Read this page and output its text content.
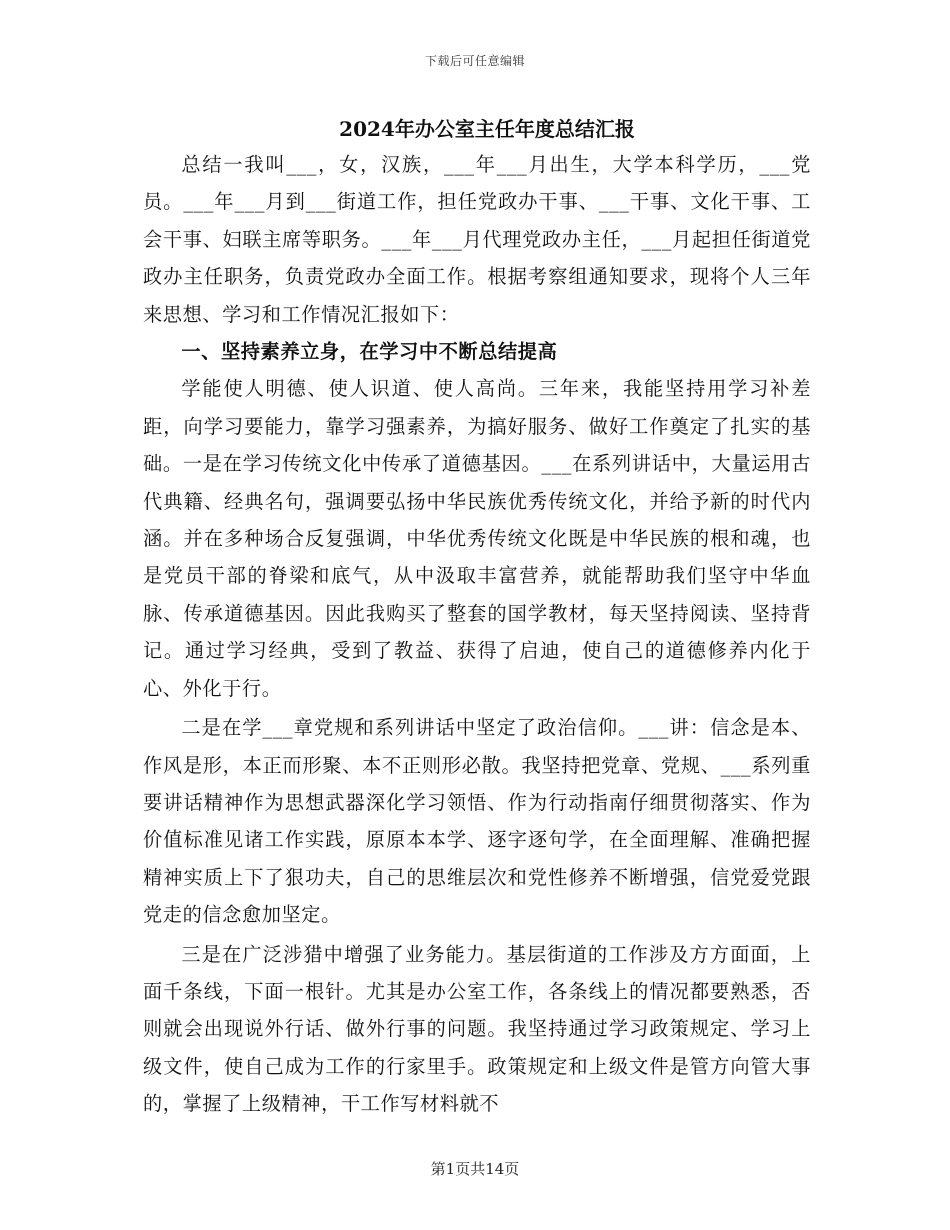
下载后可任意编辑
2024年办公室主任年度总结汇报

总结一我叫___，女，汉族，___年___月出生，大学本科学历，___党员。___年___月到___街道工作，担任党政办干事、___干事、文化干事、工会干事、妇联主席等职务。___年___月代理党政办主任，___月起担任街道党政办主任职务，负责党政办全面工作。根据考察组通知要求，现将个人三年来思想、学习和工作情况汇报如下：

一、坚持素养立身，在学习中不断总结提高

学能使人明德、使人识道、使人高尚。三年来，我能坚持用学习补差距，向学习要能力，靠学习强素养，为搞好服务、做好工作奠定了扎实的基础。一是在学习传统文化中传承了道德基因。___在系列讲话中，大量运用古代典籍、经典名句，强调要弘扬中华民族优秀传统文化，并给予新的时代内涵。并在多种场合反复强调，中华优秀传统文化既是中华民族的根和魂，也是党员干部的脊梁和底气，从中汲取丰富营养，就能帮助我们坚守中华血脉、传承道德基因。因此我购买了整套的国学教材，每天坚持阅读、坚持背记。通过学习经典，受到了教益、获得了启迪，使自己的道德修养内化于心、外化于行。

二是在学___章党规和系列讲话中坚定了政治信仰。___讲：信念是本、作风是形，本正而形聚、本不正则形必散。我坚持把党章、党规、___系列重要讲话精神作为思想武器深化学习领悟、作为行动指南仔细贯彻落实、作为价值标准见诸工作实践，原原本本学、逐字逐句学，在全面理解、准确把握精神实质上下了狠功夫，自己的思维层次和党性修养不断增强，信党爱党跟党走的信念愈加坚定。

三是在广泛涉猎中增强了业务能力。基层街道的工作涉及方方面面，上面千条线，下面一根针。尤其是办公室工作，各条线上的情况都要熟悉，否则就会出现说外行话、做外行事的问题。我坚持通过学习政策规定、学习上级文件，使自己成为工作的行家里手。政策规定和上级文件是管方向管大事的，掌握了上级精神，干工作写材料就不

第1页共14页
